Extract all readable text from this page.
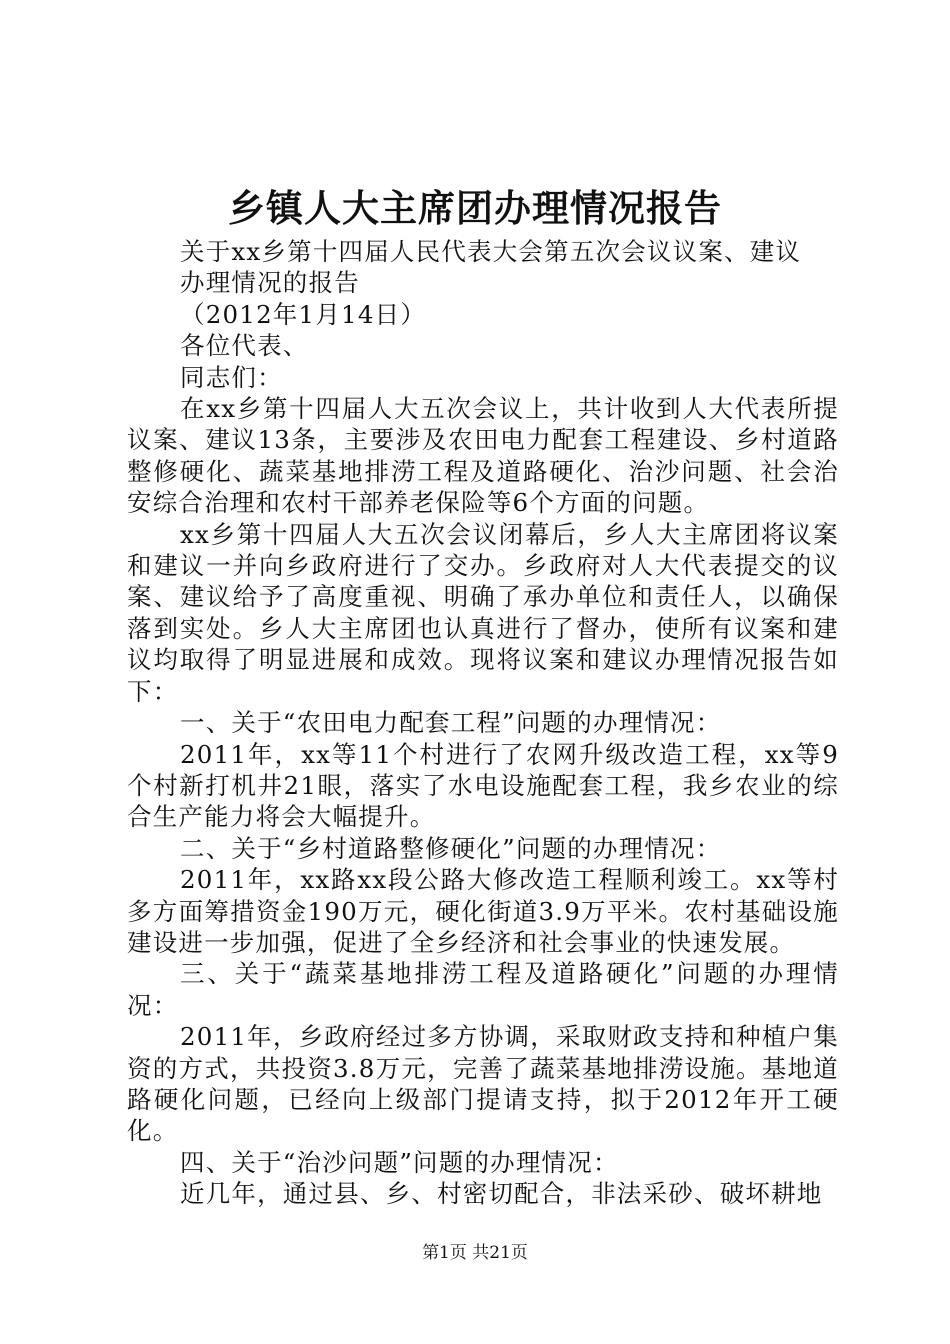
乡镇人大主席团办理情况报告

关于xx乡第十四届人民代表大会第五次会议议案、建议

办理情况的报告

（2012年1月14日）

各位代表、

同志们：

在xx乡第十四届人大五次会议上，共计收到人大代表所提议案、建议13条，主要涉及农田电力配套工程建设、乡村道路整修硬化、蔬菜基地排涝工程及道路硬化、治沙问题、社会治安综合治理和农村干部养老保险等6个方面的问题。

xx乡第十四届人大五次会议闭幕后，乡人大主席团将议案和建议一并向乡政府进行了交办。乡政府对人大代表提交的议案、建议给予了高度重视、明确了承办单位和责任人，以确保落到实处。乡人大主席团也认真进行了督办，使所有议案和建议均取得了明显进展和成效。现将议案和建议办理情况报告如下：

一、关于“农田电力配套工程”问题的办理情况：

2011年，xx等11个村进行了农网升级改造工程，xx等9个村新打机井21眼，落实了水电设施配套工程，我乡农业的综合生产能力将会大幅提升。

二、关于“乡村道路整修硬化”问题的办理情况：

2011年，xx路xx段公路大修改造工程顺利竣工。xx等村多方面筹措资金190万元，硬化街道3.9万平米。农村基础设施建设进一步加强，促进了全乡经济和社会事业的快速发展。

三、关于“蔬菜基地排涝工程及道路硬化”问题的办理情况：

2011年，乡政府经过多方协调，采取财政支持和种植户集资的方式，共投资3.8万元，完善了蔬菜基地排涝设施。基地道路硬化问题，已经向上级部门提请支持，拟于2012年开工硬化。

四、关于“治沙问题”问题的办理情况：

近几年，通过县、乡、村密切配合，非法采砂、破坏耕地

第1页 共21页
